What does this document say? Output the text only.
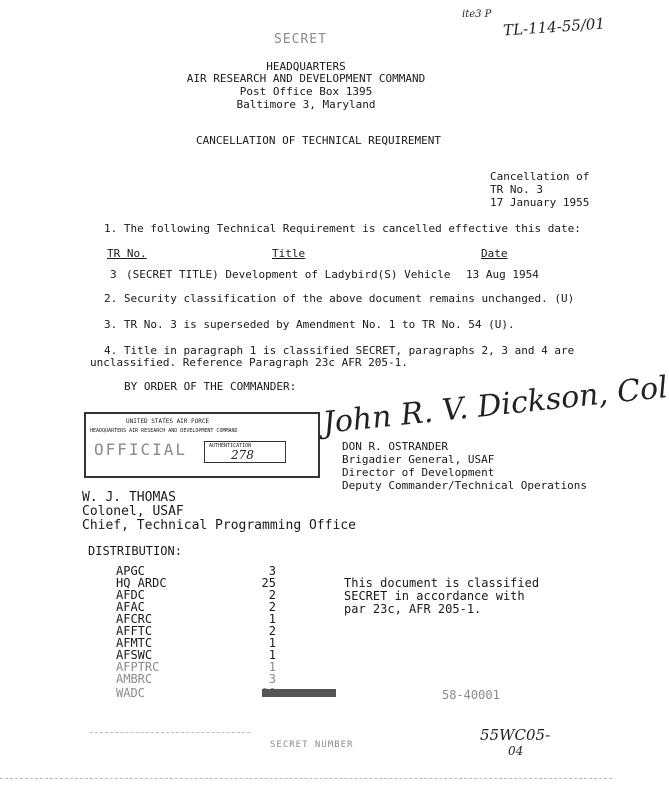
ite3 P TL-114-55/01
SECRET
HEADQUARTERS
AIR RESEARCH AND DEVELOPMENT COMMAND
Post Office Box 1395
Baltimore 3, Maryland
CANCELLATION OF TECHNICAL REQUIREMENT
Cancellation of
TR No. 3
17 January 1955
1. The following Technical Requirement is cancelled effective this date:
TR No.	Title	Date
3 (SECRET TITLE) Development of Ladybird(S) Vehicle 13 Aug 1954
2. Security classification of the above document remains unchanged. (U)
3. TR No. 3 is superseded by Amendment No. 1 to TR No. 54 (U).
4. Title in paragraph 1 is classified SECRET, paragraphs 2, 3 and 4 are
unclassified. Reference Paragraph 23c AFR 205-1.
BY ORDER OF THE COMMANDER:
UNITED STATES AIR FORCE
HEADQUARTERS AIR RESEARCH AND DEVELOPMENT COMMAND
OFFICIAL	AUTHENTICATION
278
John R. V. Dickson, Col
DON R. OSTRANDER
Brigadier General, USAF
Director of Development
Deputy Commander/Technical Operations
W. J. THOMAS
Colonel, USAF
Chief, Technical Programming Office
DISTRIBUTION:
APGC	3
HQ ARDC	25
AFDC	2
AFAC	2
AFCRC	1
AFFTC	2
AFMTC	1
AFSWC	1
AFPTRC	1
AMBRC	3
WADC
This document is classified
SECRET in accordance with
par 23c, AFR 205-1.
58-40001
SECRET NUMBER
55WC05-
04
